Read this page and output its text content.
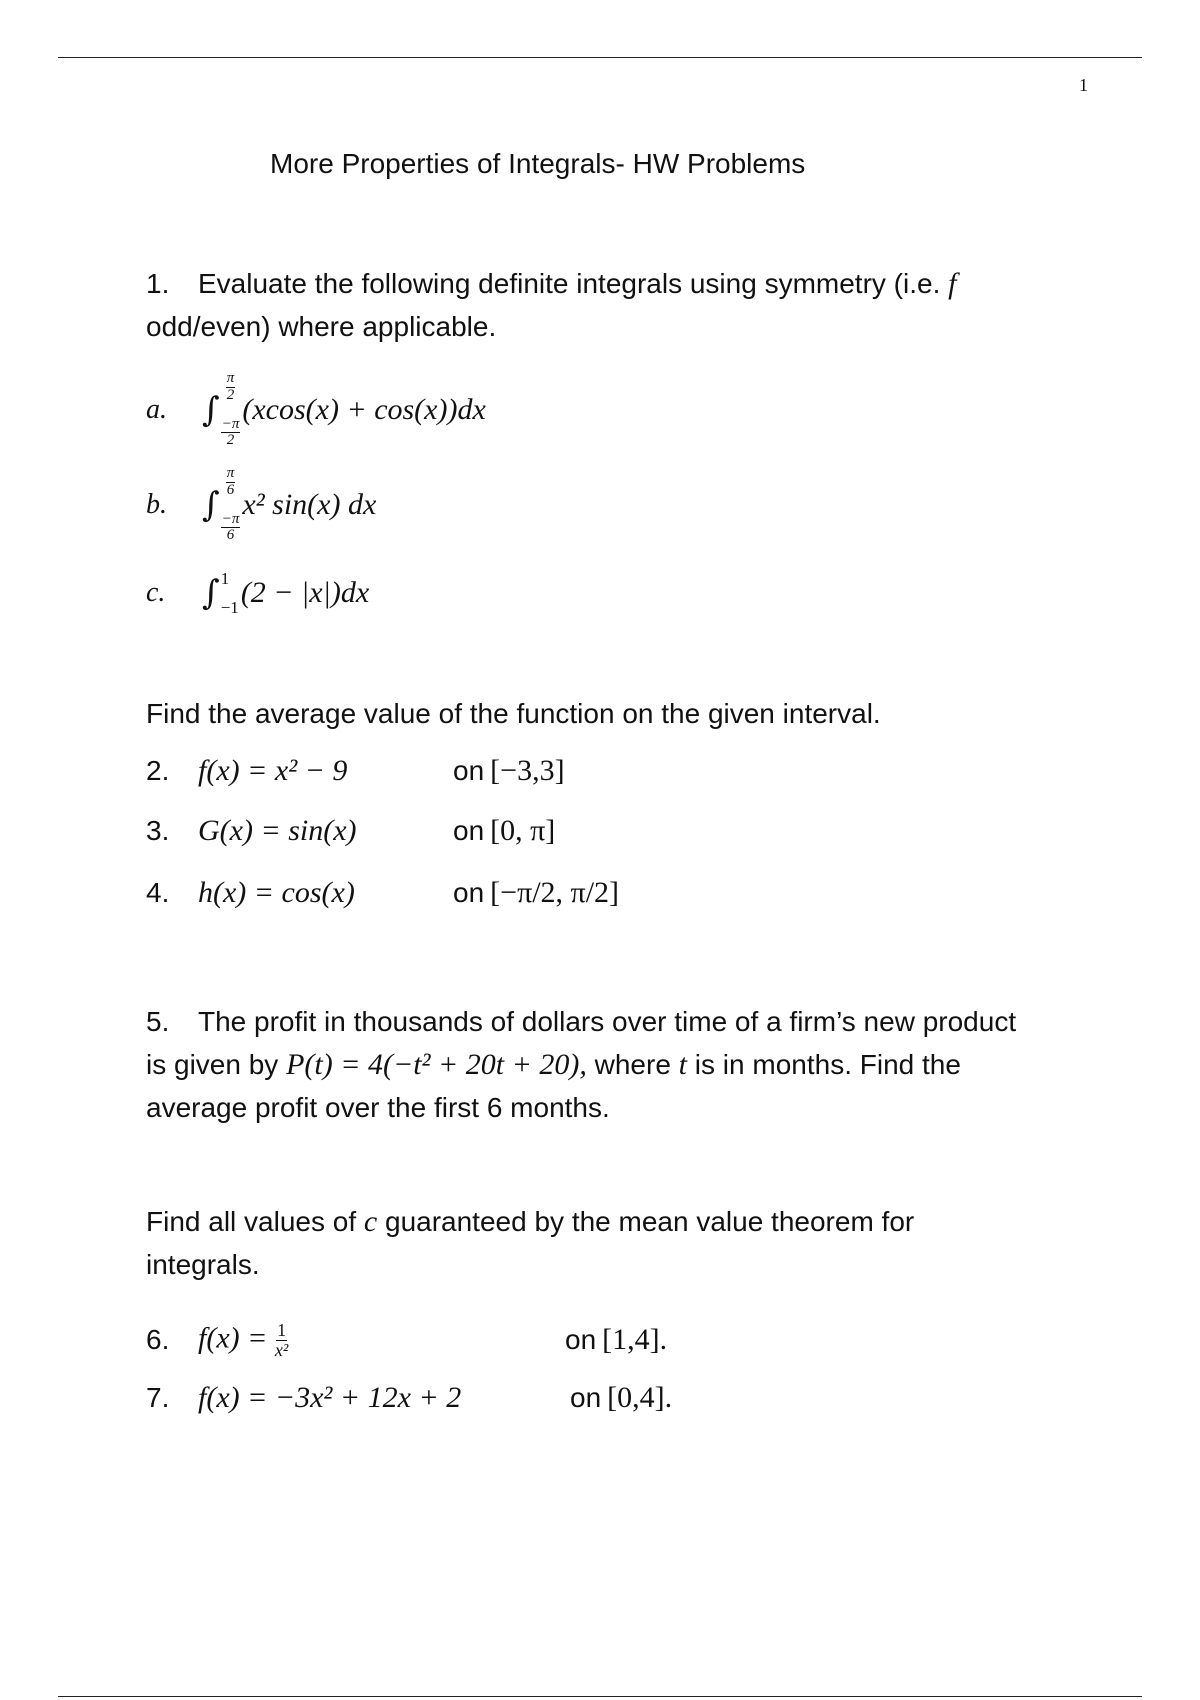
1
More Properties of Integrals- HW Problems
1. Evaluate the following definite integrals using symmetry (i.e. f
odd/even) where applicable.
a.	∫
$\frac{\pi}{2}$
$\frac{-\pi}{2}$
(xcos(x) + cos(x))dx
b.	∫
$\frac{\pi}{6}$
$\frac{-\pi}{6}$
x² sin(x) dx
c.	∫ 1
−1 (2 − |x|)dx
Find the average value of the function on the given interval.
2. f(x) = x² − 9	on [−3,3]
3. G(x) = sin(x)	on [0, π]
4. h(x) = cos(x)	on [−π/2, π/2]
5. The profit in thousands of dollars over time of a firm’s new product
is given by P(t) = 4(−t² + 20t + 20), where t is in months. Find the
average profit over the first 6 months.
Find all values of c guaranteed by the mean value theorem for
integrals.
6. $f(x) = \frac{1}{\text{x²}}$	on [1,4].
7. f(x) = −3x² + 12x + 2	on [0,4].
